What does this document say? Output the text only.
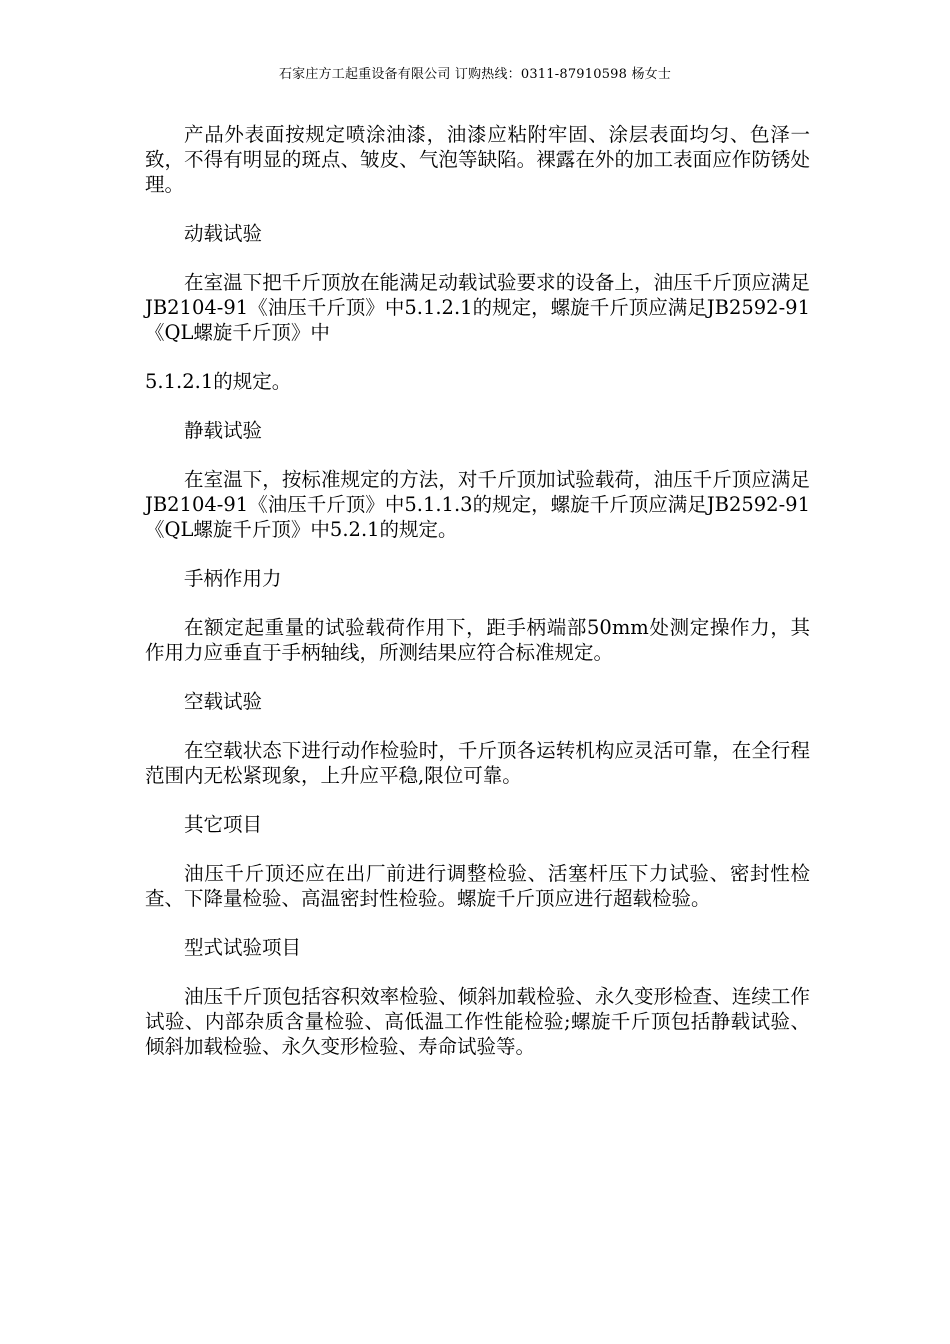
石家庄方工起重设备有限公司 订购热线：0311-87910598 杨女士

产品外表面按规定喷涂油漆，油漆应粘附牢固、涂层表面均匀、色泽一致，不得有明显的斑点、皱皮、气泡等缺陷。裸露在外的加工表面应作防锈处理。

动载试验

在室温下把千斤顶放在能满足动载试验要求的设备上，油压千斤顶应满足JB2104-91《油压千斤顶》中5.1.2.1的规定，螺旋千斤顶应满足JB2592-91《QL螺旋千斤顶》中

5.1.2.1的规定。

静载试验

在室温下，按标准规定的方法，对千斤顶加试验载荷，油压千斤顶应满足JB2104-91《油压千斤顶》中5.1.1.3的规定，螺旋千斤顶应满足JB2592-91《QL螺旋千斤顶》中5.2.1的规定。

手柄作用力

在额定起重量的试验载荷作用下，距手柄端部50mm处测定操作力，其作用力应垂直于手柄轴线，所测结果应符合标准规定。

空载试验

在空载状态下进行动作检验时，千斤顶各运转机构应灵活可靠，在全行程范围内无松紧现象，上升应平稳,限位可靠。

其它项目

油压千斤顶还应在出厂前进行调整检验、活塞杆压下力试验、密封性检查、下降量检验、高温密封性检验。螺旋千斤顶应进行超载检验。

型式试验项目

油压千斤顶包括容积效率检验、倾斜加载检验、永久变形检查、连续工作试验、内部杂质含量检验、高低温工作性能检验;螺旋千斤顶包括静载试验、倾斜加载检验、永久变形检验、寿命试验等。
